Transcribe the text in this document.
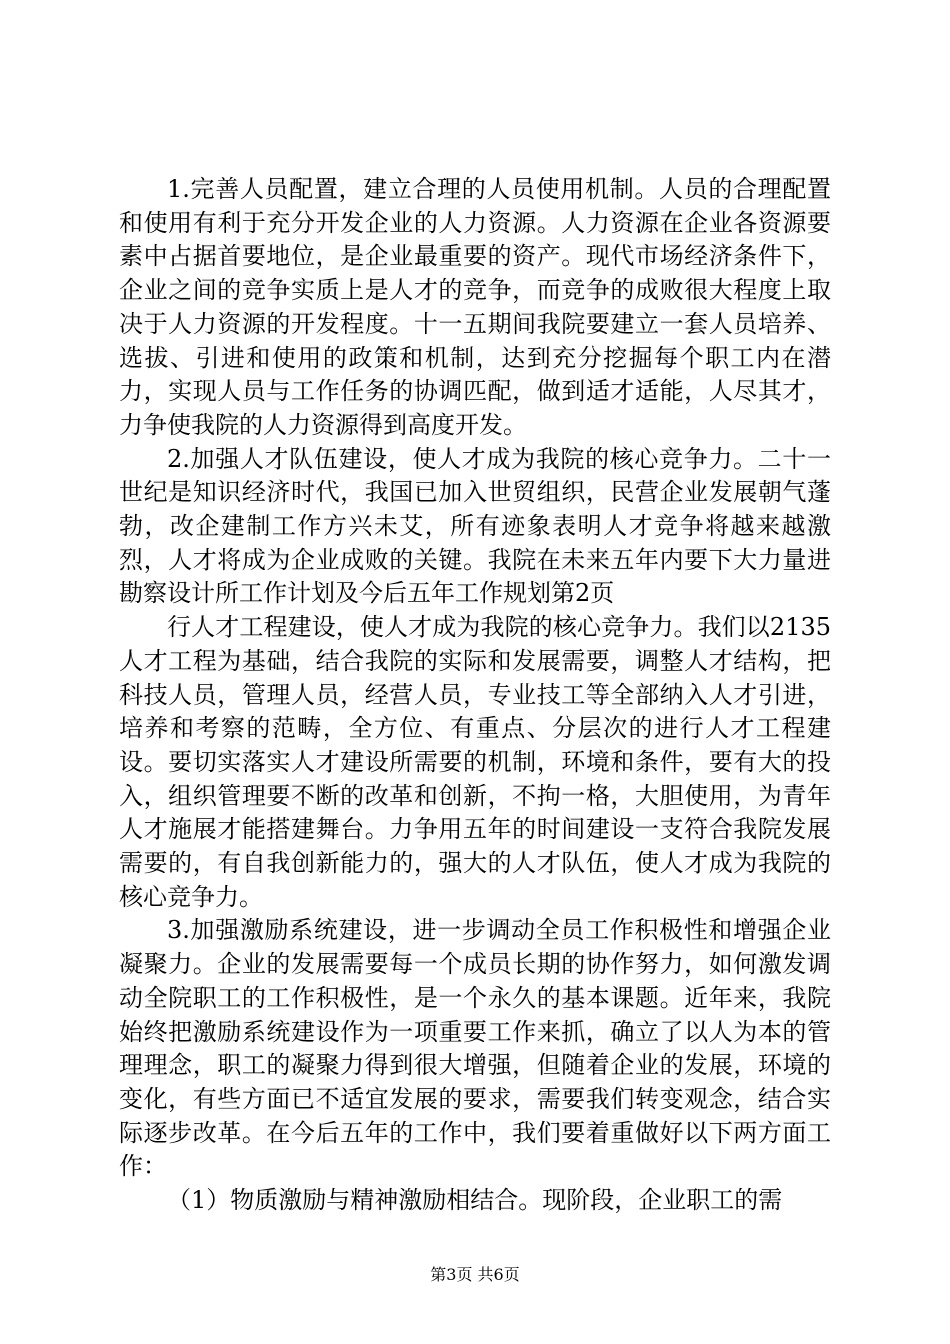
1.完善人员配置，建立合理的人员使用机制。人员的合理配置和使用有利于充分开发企业的人力资源。人力资源在企业各资源要素中占据首要地位，是企业最重要的资产。现代市场经济条件下，企业之间的竞争实质上是人才的竞争，而竞争的成败很大程度上取决于人力资源的开发程度。十一五期间我院要建立一套人员培养、选拔、引进和使用的政策和机制，达到充分挖掘每个职工内在潜力，实现人员与工作任务的协调匹配，做到适才适能，人尽其才，力争使我院的人力资源得到高度开发。

2.加强人才队伍建设，使人才成为我院的核心竞争力。二十一世纪是知识经济时代，我国已加入世贸组织，民营企业发展朝气蓬勃，改企建制工作方兴未艾，所有迹象表明人才竞争将越来越激烈，人才将成为企业成败的关键。我院在未来五年内要下大力量进勘察设计所工作计划及今后五年工作规划第2页

行人才工程建设，使人才成为我院的核心竞争力。我们以2135人才工程为基础，结合我院的实际和发展需要，调整人才结构，把科技人员，管理人员，经营人员，专业技工等全部纳入人才引进，培养和考察的范畴，全方位、有重点、分层次的进行人才工程建设。要切实落实人才建设所需要的机制，环境和条件，要有大的投入，组织管理要不断的改革和创新，不拘一格，大胆使用，为青年人才施展才能搭建舞台。力争用五年的时间建设一支符合我院发展需要的，有自我创新能力的，强大的人才队伍，使人才成为我院的核心竞争力。

3.加强激励系统建设，进一步调动全员工作积极性和增强企业凝聚力。企业的发展需要每一个成员长期的协作努力，如何激发调动全院职工的工作积极性，是一个永久的基本课题。近年来，我院始终把激励系统建设作为一项重要工作来抓，确立了以人为本的管理理念，职工的凝聚力得到很大增强，但随着企业的发展，环境的变化，有些方面已不适宜发展的要求，需要我们转变观念，结合实际逐步改革。在今后五年的工作中，我们要着重做好以下两方面工作：

（1）物质激励与精神激励相结合。现阶段，企业职工的需

第3页 共6页
